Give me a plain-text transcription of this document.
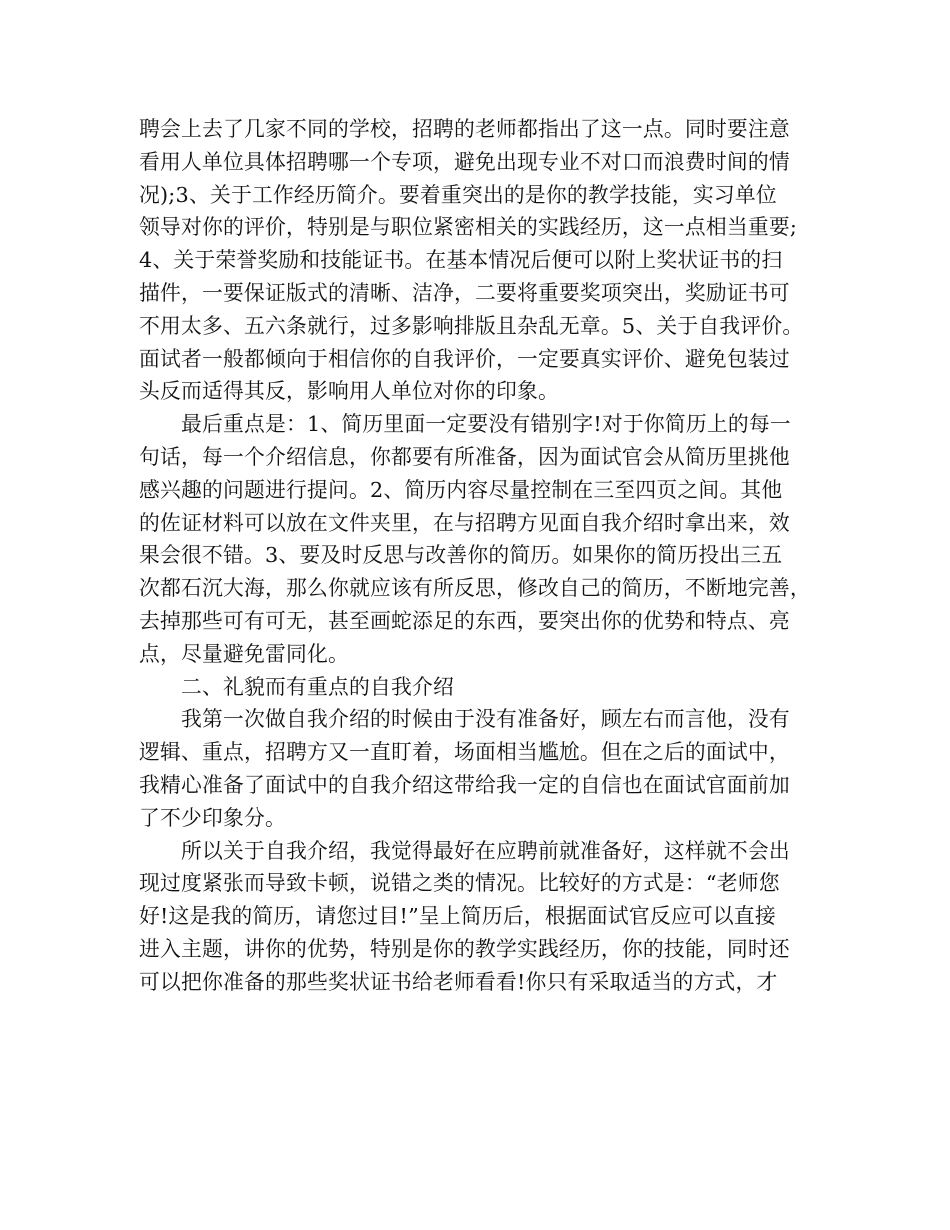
聘会上去了几家不同的学校，招聘的老师都指出了这一点。同时要注意
看用人单位具体招聘哪一个专项，避免出现专业不对口而浪费时间的情
况);3、关于工作经历简介。要着重突出的是你的教学技能，实习单位
领导对你的评价，特别是与职位紧密相关的实践经历，这一点相当重要;
4、关于荣誉奖励和技能证书。在基本情况后便可以附上奖状证书的扫
描件，一要保证版式的清晰、洁净，二要将重要奖项突出，奖励证书可
不用太多、五六条就行，过多影响排版且杂乱无章。5、关于自我评价。
面试者一般都倾向于相信你的自我评价，一定要真实评价、避免包装过
头反而适得其反，影响用人单位对你的印象。
最后重点是：1、简历里面一定要没有错别字!对于你简历上的每一
句话，每一个介绍信息，你都要有所准备，因为面试官会从简历里挑他
感兴趣的问题进行提问。2、简历内容尽量控制在三至四页之间。其他
的佐证材料可以放在文件夹里，在与招聘方见面自我介绍时拿出来，效
果会很不错。3、要及时反思与改善你的简历。如果你的简历投出三五
次都石沉大海，那么你就应该有所反思，修改自己的简历，不断地完善，
去掉那些可有可无，甚至画蛇添足的东西，要突出你的优势和特点、亮
点，尽量避免雷同化。
二、礼貌而有重点的自我介绍
我第一次做自我介绍的时候由于没有准备好，顾左右而言他，没有
逻辑、重点，招聘方又一直盯着，场面相当尴尬。但在之后的面试中，
我精心准备了面试中的自我介绍这带给我一定的自信也在面试官面前加
了不少印象分。
所以关于自我介绍，我觉得最好在应聘前就准备好，这样就不会出
现过度紧张而导致卡顿，说错之类的情况。比较好的方式是：“老师您
好!这是我的简历，请您过目!”呈上简历后，根据面试官反应可以直接
进入主题，讲你的优势，特别是你的教学实践经历，你的技能，同时还
可以把你准备的那些奖状证书给老师看看!你只有采取适当的方式，才
